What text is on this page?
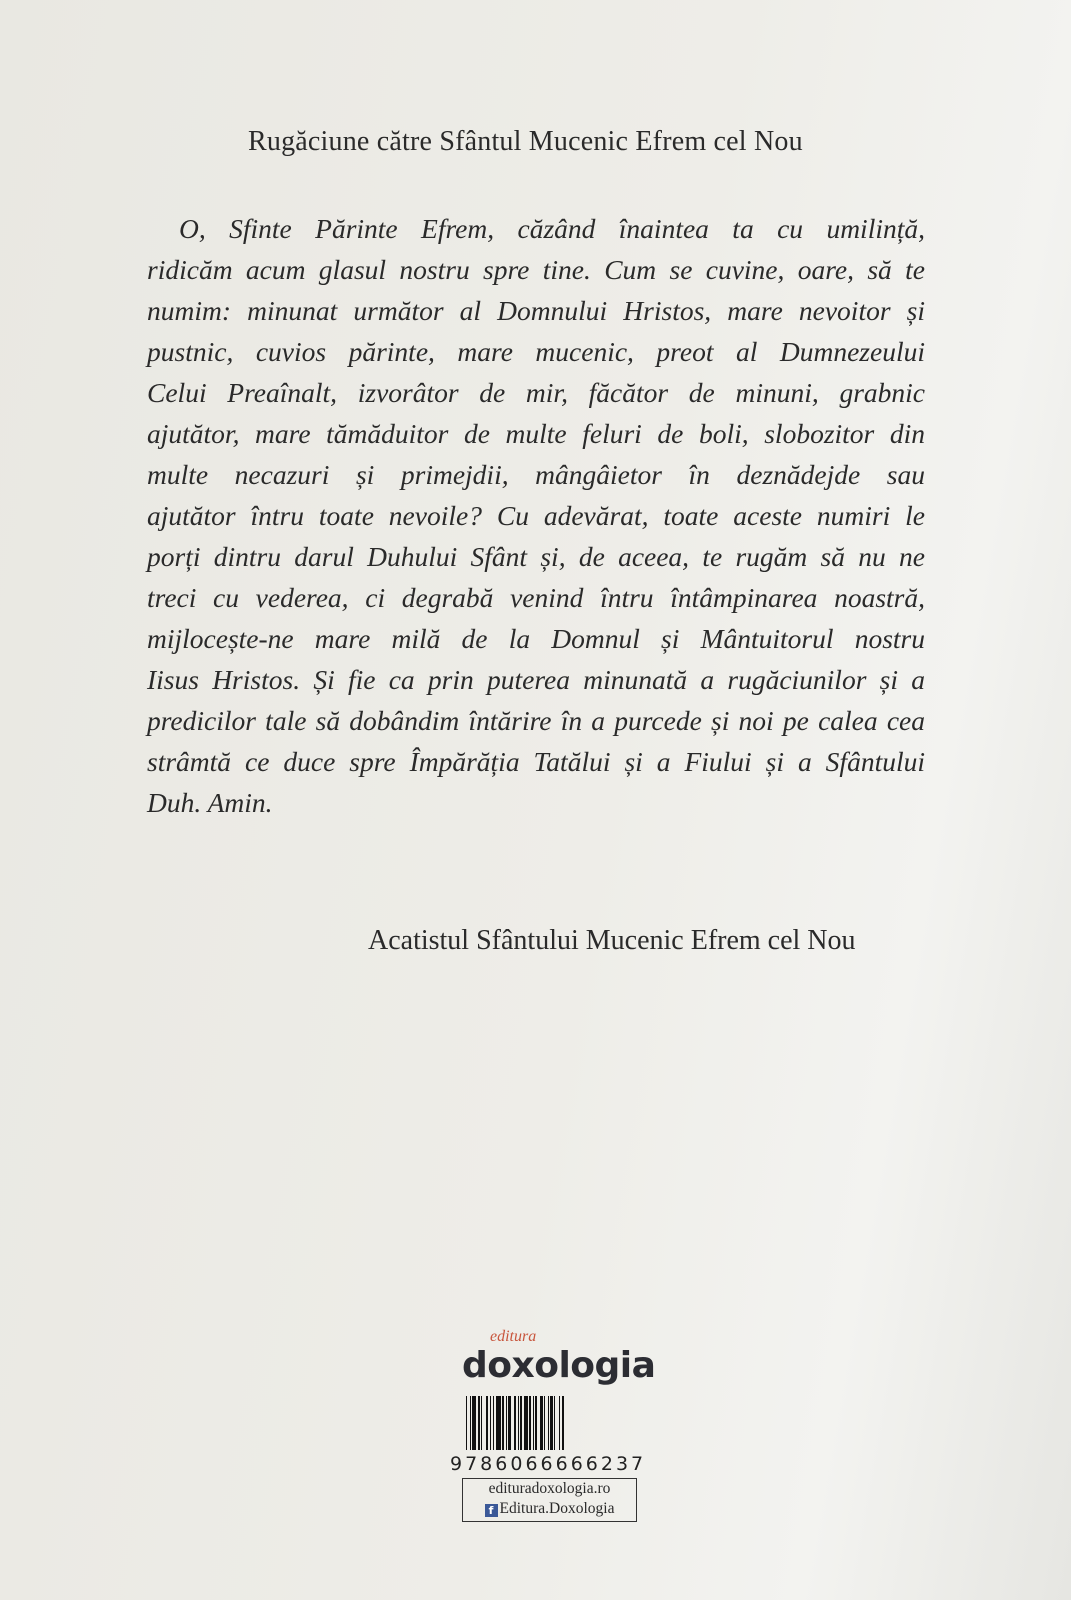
Rugăciune către Sfântul Mucenic Efrem cel Nou
O, Sfinte Părinte Efrem, căzând înaintea ta cu umilință,
ridicăm acum glasul nostru spre tine. Cum se cuvine, oare, să te
numim: minunat următor al Domnului Hristos, mare nevoitor și
pustnic, cuvios părinte, mare mucenic, preot al Dumnezeului
Celui Preaînalt, izvorâtor de mir, făcător de minuni, grabnic
ajutător, mare tămăduitor de multe feluri de boli, slobozitor din
multe necazuri și primejdii, mângâietor în deznădejde sau
ajutător întru toate nevoile? Cu adevărat, toate aceste numiri le
porți dintru darul Duhului Sfânt și, de aceea, te rugăm să nu ne
treci cu vederea, ci degrabă venind întru întâmpinarea noastră,
mijlocește-ne mare milă de la Domnul și Mântuitorul nostru
Iisus Hristos. Și fie ca prin puterea minunată a rugăciunilor și a
predicilor tale să dobândim întărire în a purcede și noi pe calea cea
strâmtă ce duce spre Împărăția Tatălui și a Fiului și a Sfântului
Duh. Amin.
Acatistul Sfântului Mucenic Efrem cel Nou
editura
doxologia
9786066666237
edituradoxologia.ro
f Editura.Doxologia
